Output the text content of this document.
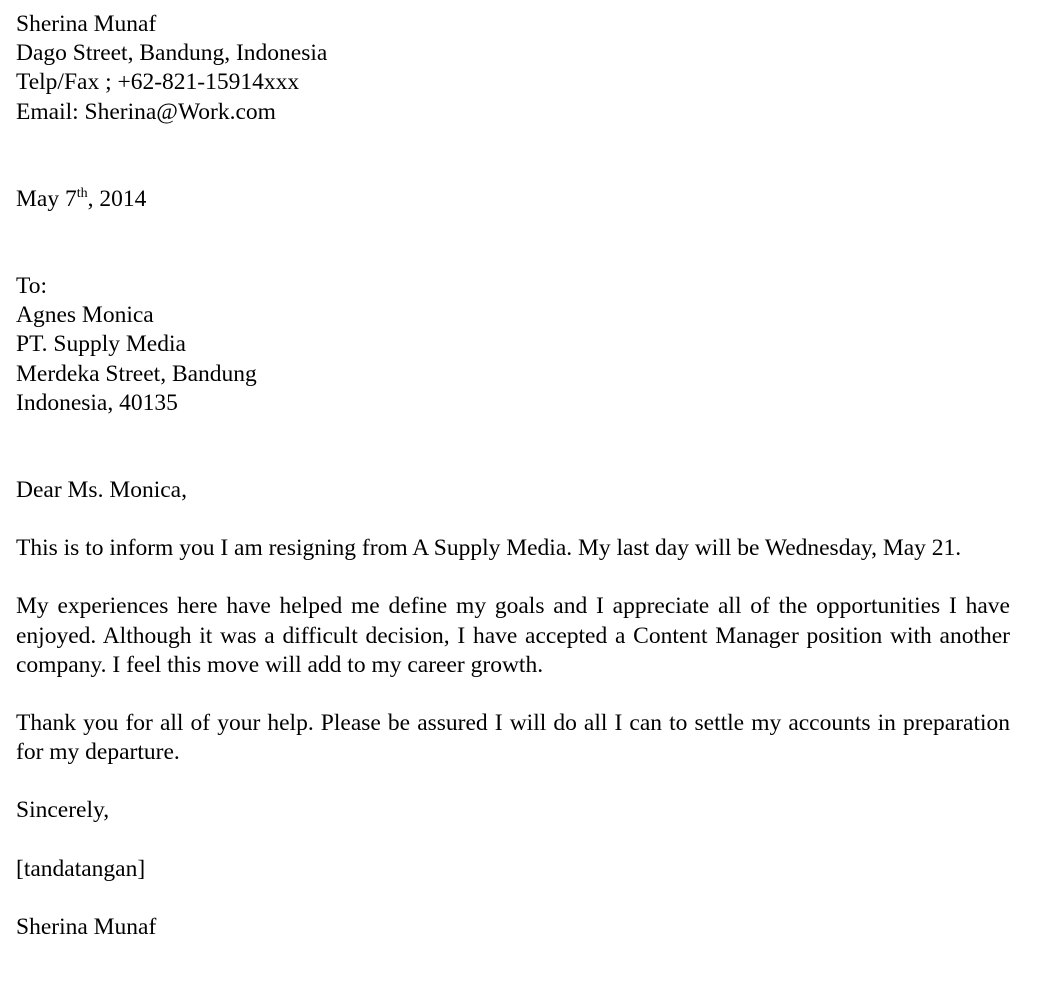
Sherina Munaf
Dago Street, Bandung, Indonesia
Telp/Fax ; +62-821-15914xxx
Email: Sherina@Work.com
May 7th, 2014
To:
Agnes Monica
PT. Supply Media
Merdeka Street, Bandung
Indonesia, 40135
Dear Ms. Monica,
This is to inform you I am resigning from A Supply Media. My last day will be Wednesday, May 21.
My experiences here have helped me define my goals and I appreciate all of the opportunities I have enjoyed. Although it was a difficult decision, I have accepted a Content Manager position with another company. I feel this move will add to my career growth.
Thank you for all of your help. Please be assured I will do all I can to settle my accounts in preparation for my departure.
Sincerely,
[tandatangan]
Sherina Munaf
